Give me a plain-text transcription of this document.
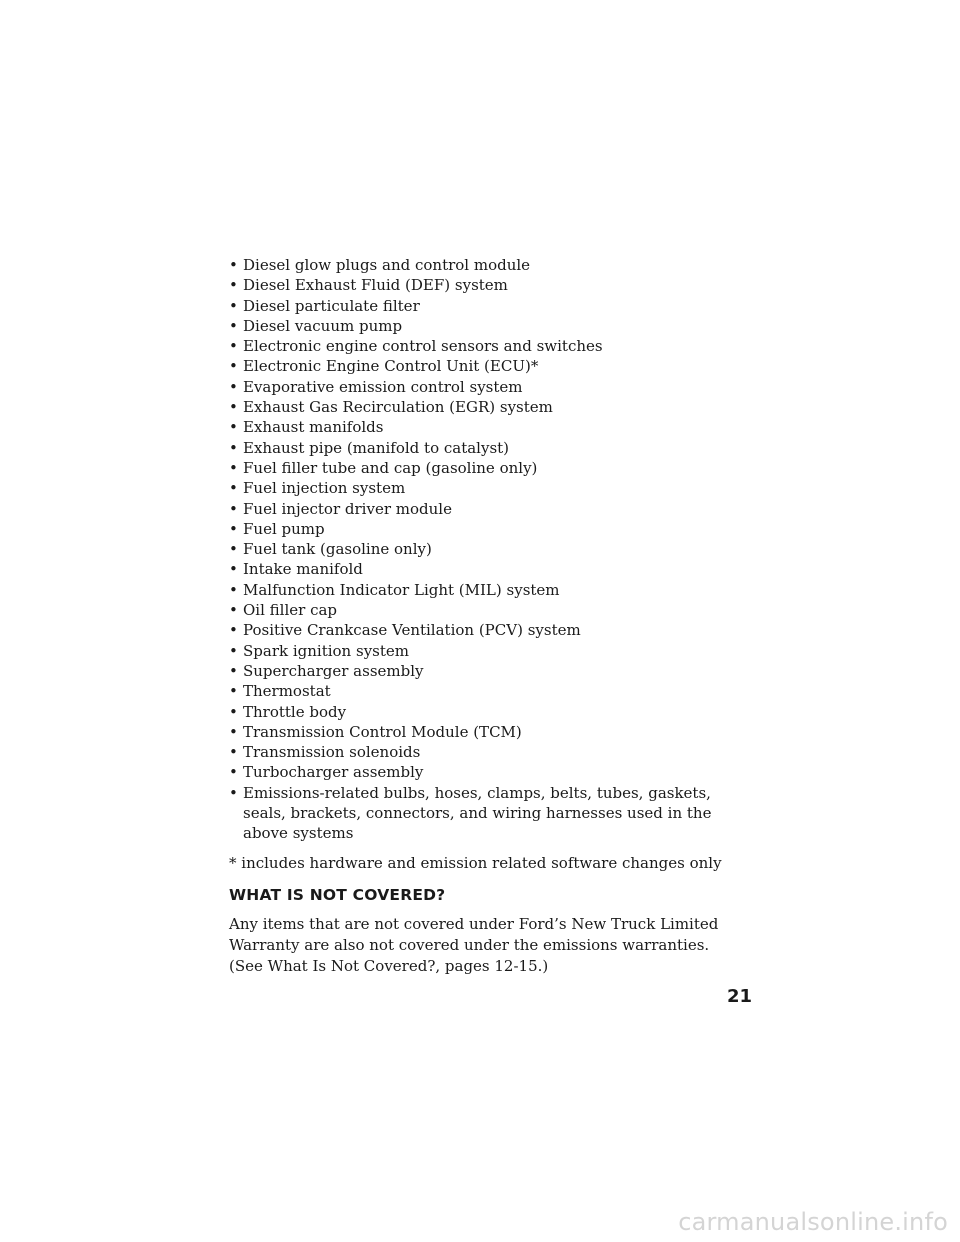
• Diesel glow plugs and control module
• Diesel Exhaust Fluid (DEF) system
• Diesel particulate filter
• Diesel vacuum pump
• Electronic engine control sensors and switches
• Electronic Engine Control Unit (ECU)*
• Evaporative emission control system
• Exhaust Gas Recirculation (EGR) system
• Exhaust manifolds
• Exhaust pipe (manifold to catalyst)
• Fuel filler tube and cap (gasoline only)
• Fuel injection system
• Fuel injector driver module
• Fuel pump
• Fuel tank (gasoline only)
• Intake manifold
• Malfunction Indicator Light (MIL) system
• Oil filler cap
• Positive Crankcase Ventilation (PCV) system
• Spark ignition system
• Supercharger assembly
• Thermostat
• Throttle body
• Transmission Control Module (TCM)
• Transmission solenoids
• Turbocharger assembly
• Emissions-related bulbs, hoses, clamps, belts, tubes, gaskets, seals, brackets, connectors, and wiring harnesses used in the above systems
* includes hardware and emission related software changes only
WHAT IS NOT COVERED?
Any items that are not covered under Ford’s New Truck Limited Warranty are also not covered under the emissions warranties. (See What Is Not Covered?, pages 12-15.)
21
carmanualsonline.info
